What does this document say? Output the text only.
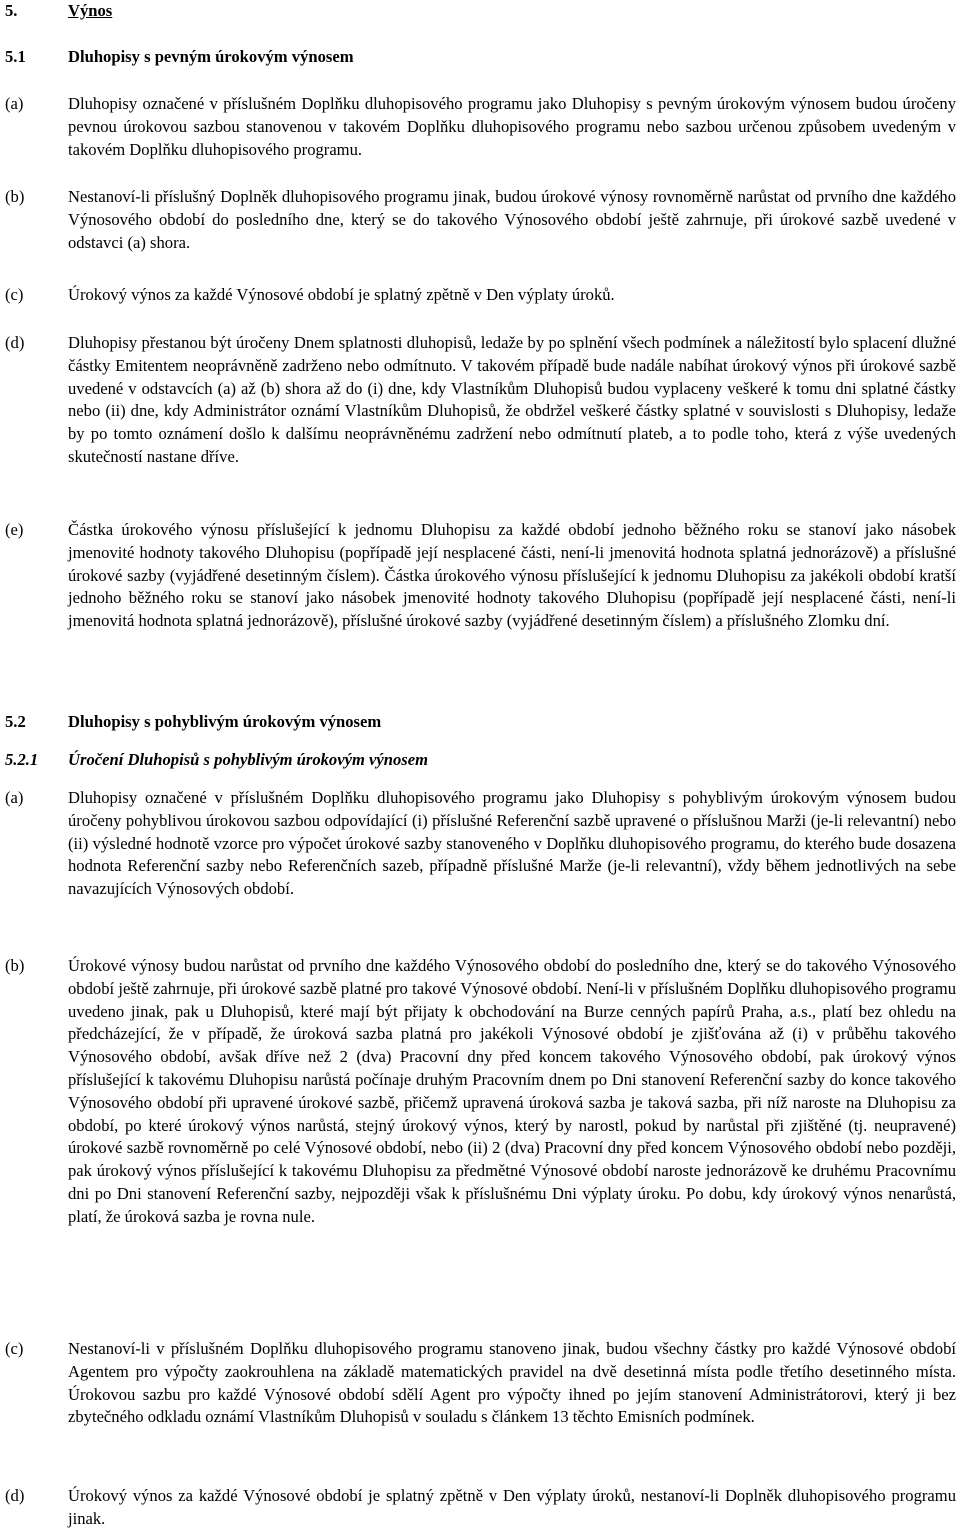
5.	Výnos
5.1	Dluhopisy s pevným úrokovým výnosem
(a)	Dluhopisy označené v příslušném Doplňku dluhopisového programu jako Dluhopisy s pevným úrokovým výnosem budou úročeny pevnou úrokovou sazbou stanovenou v takovém Doplňku dluhopisového programu nebo sazbou určenou způsobem uvedeným v takovém Doplňku dluhopisového programu.
(b)	Nestanoví-li příslušný Doplněk dluhopisového programu jinak, budou úrokové výnosy rovnoměrně narůstat od prvního dne každého Výnosového období do posledního dne, který se do takového Výnosového období ještě zahrnuje, při úrokové sazbě uvedené v odstavci (a) shora.
(c)	Úrokový výnos za každé Výnosové období je splatný zpětně v Den výplaty úroků.
(d)	Dluhopisy přestanou být úročeny Dnem splatnosti dluhopisů, ledaže by po splnění všech podmínek a náležitostí bylo splacení dlužné částky Emitentem neoprávněně zadrženo nebo odmítnuto. V takovém případě bude nadále nabíhat úrokový výnos při úrokové sazbě uvedené v odstavcích (a) až (b) shora až do (i) dne, kdy Vlastníkům Dluhopisů budou vyplaceny veškeré k tomu dni splatné částky nebo (ii) dne, kdy Administrátor oznámí Vlastníkům Dluhopisů, že obdržel veškeré částky splatné v souvislosti s Dluhopisy, ledaže by po tomto oznámení došlo k dalšímu neoprávněnému zadržení nebo odmítnutí plateb, a to podle toho, která z výše uvedených skutečností nastane dříve.
(e)	Částka úrokového výnosu příslušející k jednomu Dluhopisu za každé období jednoho běžného roku se stanoví jako násobek jmenovité hodnoty takového Dluhopisu (popřípadě její nesplacené části, není-li jmenovitá hodnota splatná jednorázově) a příslušné úrokové sazby (vyjádřené desetinným číslem). Částka úrokového výnosu příslušející k jednomu Dluhopisu za jakékoli období kratší jednoho běžného roku se stanoví jako násobek jmenovité hodnoty takového Dluhopisu (popřípadě její nesplacené části, není-li jmenovitá hodnota splatná jednorázově), příslušné úrokové sazby (vyjádřené desetinným číslem) a příslušného Zlomku dní.
5.2	Dluhopisy s pohyblivým úrokovým výnosem
5.2.1	Úročení Dluhopisů s pohyblivým úrokovým výnosem
(a)	Dluhopisy označené v příslušném Doplňku dluhopisového programu jako Dluhopisy s pohyblivým úrokovým výnosem budou úročeny pohyblivou úrokovou sazbou odpovídající (i) příslušné Referenční sazbě upravené o příslušnou Marži (je-li relevantní) nebo (ii) výsledné hodnotě vzorce pro výpočet úrokové sazby stanoveného v Doplňku dluhopisového programu, do kterého bude dosazena hodnota Referenční sazby nebo Referenčních sazeb, případně příslušné Marže (je-li relevantní), vždy během jednotlivých na sebe navazujících Výnosových období.
(b)	Úrokové výnosy budou narůstat od prvního dne každého Výnosového období do posledního dne, který se do takového Výnosového období ještě zahrnuje, při úrokové sazbě platné pro takové Výnosové období. Není-li v příslušném Doplňku dluhopisového programu uvedeno jinak, pak u Dluhopisů, které mají být přijaty k obchodování na Burze cenných papírů Praha, a.s., platí bez ohledu na předcházející, že v případě, že úroková sazba platná pro jakékoli Výnosové období je zjišťována až (i) v průběhu takového Výnosového období, avšak dříve než 2 (dva) Pracovní dny před koncem takového Výnosového období, pak úrokový výnos příslušející k takovému Dluhopisu narůstá počínaje druhým Pracovním dnem po Dni stanovení Referenční sazby do konce takového Výnosového období při upravené úrokové sazbě, přičemž upravená úroková sazba je taková sazba, při níž naroste na Dluhopisu za období, po které úrokový výnos narůstá, stejný úrokový výnos, který by narostl, pokud by narůstal při zjištěné (tj. neupravené) úrokové sazbě rovnoměrně po celé Výnosové období, nebo (ii) 2 (dva) Pracovní dny před koncem Výnosového období nebo později, pak úrokový výnos příslušející k takovému Dluhopisu za předmětné Výnosové období naroste jednorázově ke druhému Pracovnímu dni po Dni stanovení Referenční sazby, nejpozději však k příslušnému Dni výplaty úroku. Po dobu, kdy úrokový výnos nenarůstá, platí, že úroková sazba je rovna nule.
(c)	Nestanoví-li v příslušném Doplňku dluhopisového programu stanoveno jinak, budou všechny částky pro každé Výnosové období Agentem pro výpočty zaokrouhlena na základě matematických pravidel na dvě desetinná místa podle třetího desetinného místa. Úrokovou sazbu pro každé Výnosové období sdělí Agent pro výpočty ihned po jejím stanovení Administrátorovi, který ji bez zbytečného odkladu oznámí Vlastníkům Dluhopisů v souladu s článkem 13 těchto Emisních podmínek.
(d)	Úrokový výnos za každé Výnosové období je splatný zpětně v Den výplaty úroků, nestanoví-li Doplněk dluhopisového programu jinak.
